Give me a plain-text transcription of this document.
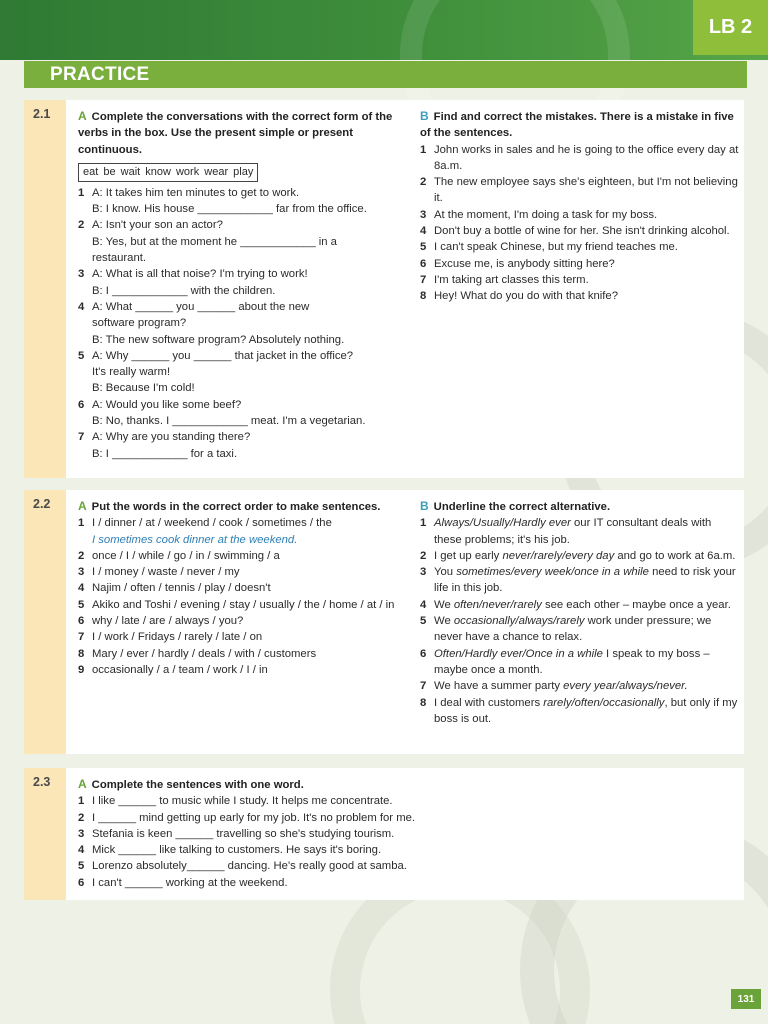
LB 2
PRACTICE
2.1 A Complete the conversations with the correct form of the verbs in the box. Use the present simple or present continuous.
eat be wait know work wear play
1 A: It takes him ten minutes to get to work.
B: I know. His house ____________ far from the office.
2 A: Isn't your son an actor?
B: Yes, but at the moment he ____________ in a
restaurant.
3 A: What is all that noise? I'm trying to work!
B: I ____________ with the children.
4 A: What ______ you ______ about the new
software program?
B: The new software program? Absolutely nothing.
5 A: Why ______ you ______ that jacket in the office?
It's really warm!
B: Because I'm cold!
6 A: Would you like some beef?
B: No, thanks. I ____________ meat. I'm a vegetarian.
7 A: Why are you standing there?
B: I ____________ for a taxi.
B Find and correct the mistakes. There is a mistake in five of the sentences.
1 John works in sales and he is going to the office every day at 8a.m.
2 The new employee says she's eighteen, but I'm not believing it.
3 At the moment, I'm doing a task for my boss.
4 Don't buy a bottle of wine for her. She isn't drinking alcohol.
5 I can't speak Chinese, but my friend teaches me.
6 Excuse me, is anybody sitting here?
7 I'm taking art classes this term.
8 Hey! What do you do with that knife?
2.2 A Put the words in the correct order to make sentences.
1 I / dinner / at / weekend / cook / sometimes / the
I sometimes cook dinner at the weekend.
2 once / I / while / go / in / swimming / a
3 I / money / waste / never / my
4 Najim / often / tennis / play / doesn't
5 Akiko and Toshi / evening / stay / usually / the / home / at / in
6 why / late / are / always / you?
7 I / work / Fridays / rarely / late / on
8 Mary / ever / hardly / deals / with / customers
9 occasionally / a / team / work / I / in
B Underline the correct alternative.
1 Always/Usually/Hardly ever our IT consultant deals with these problems; it's his job.
2 I get up early never/rarely/every day and go to work at 6a.m.
3 You sometimes/every week/once in a while need to risk your life in this job.
4 We often/never/rarely see each other – maybe once a year.
5 We occasionally/always/rarely work under pressure; we never have a chance to relax.
6 Often/Hardly ever/Once in a while I speak to my boss – maybe once a month.
7 We have a summer party every year/always/never.
8 I deal with customers rarely/often/occasionally, but only if my boss is out.
2.3 A Complete the sentences with one word.
1 I like ______ to music while I study. It helps me concentrate.
2 I ______ mind getting up early for my job. It's no problem for me.
3 Stefania is keen ______ travelling so she's studying tourism.
4 Mick ______ like talking to customers. He says it's boring.
5 Lorenzo absolutely______ dancing. He's really good at samba.
6 I can't ______ working at the weekend.
131
